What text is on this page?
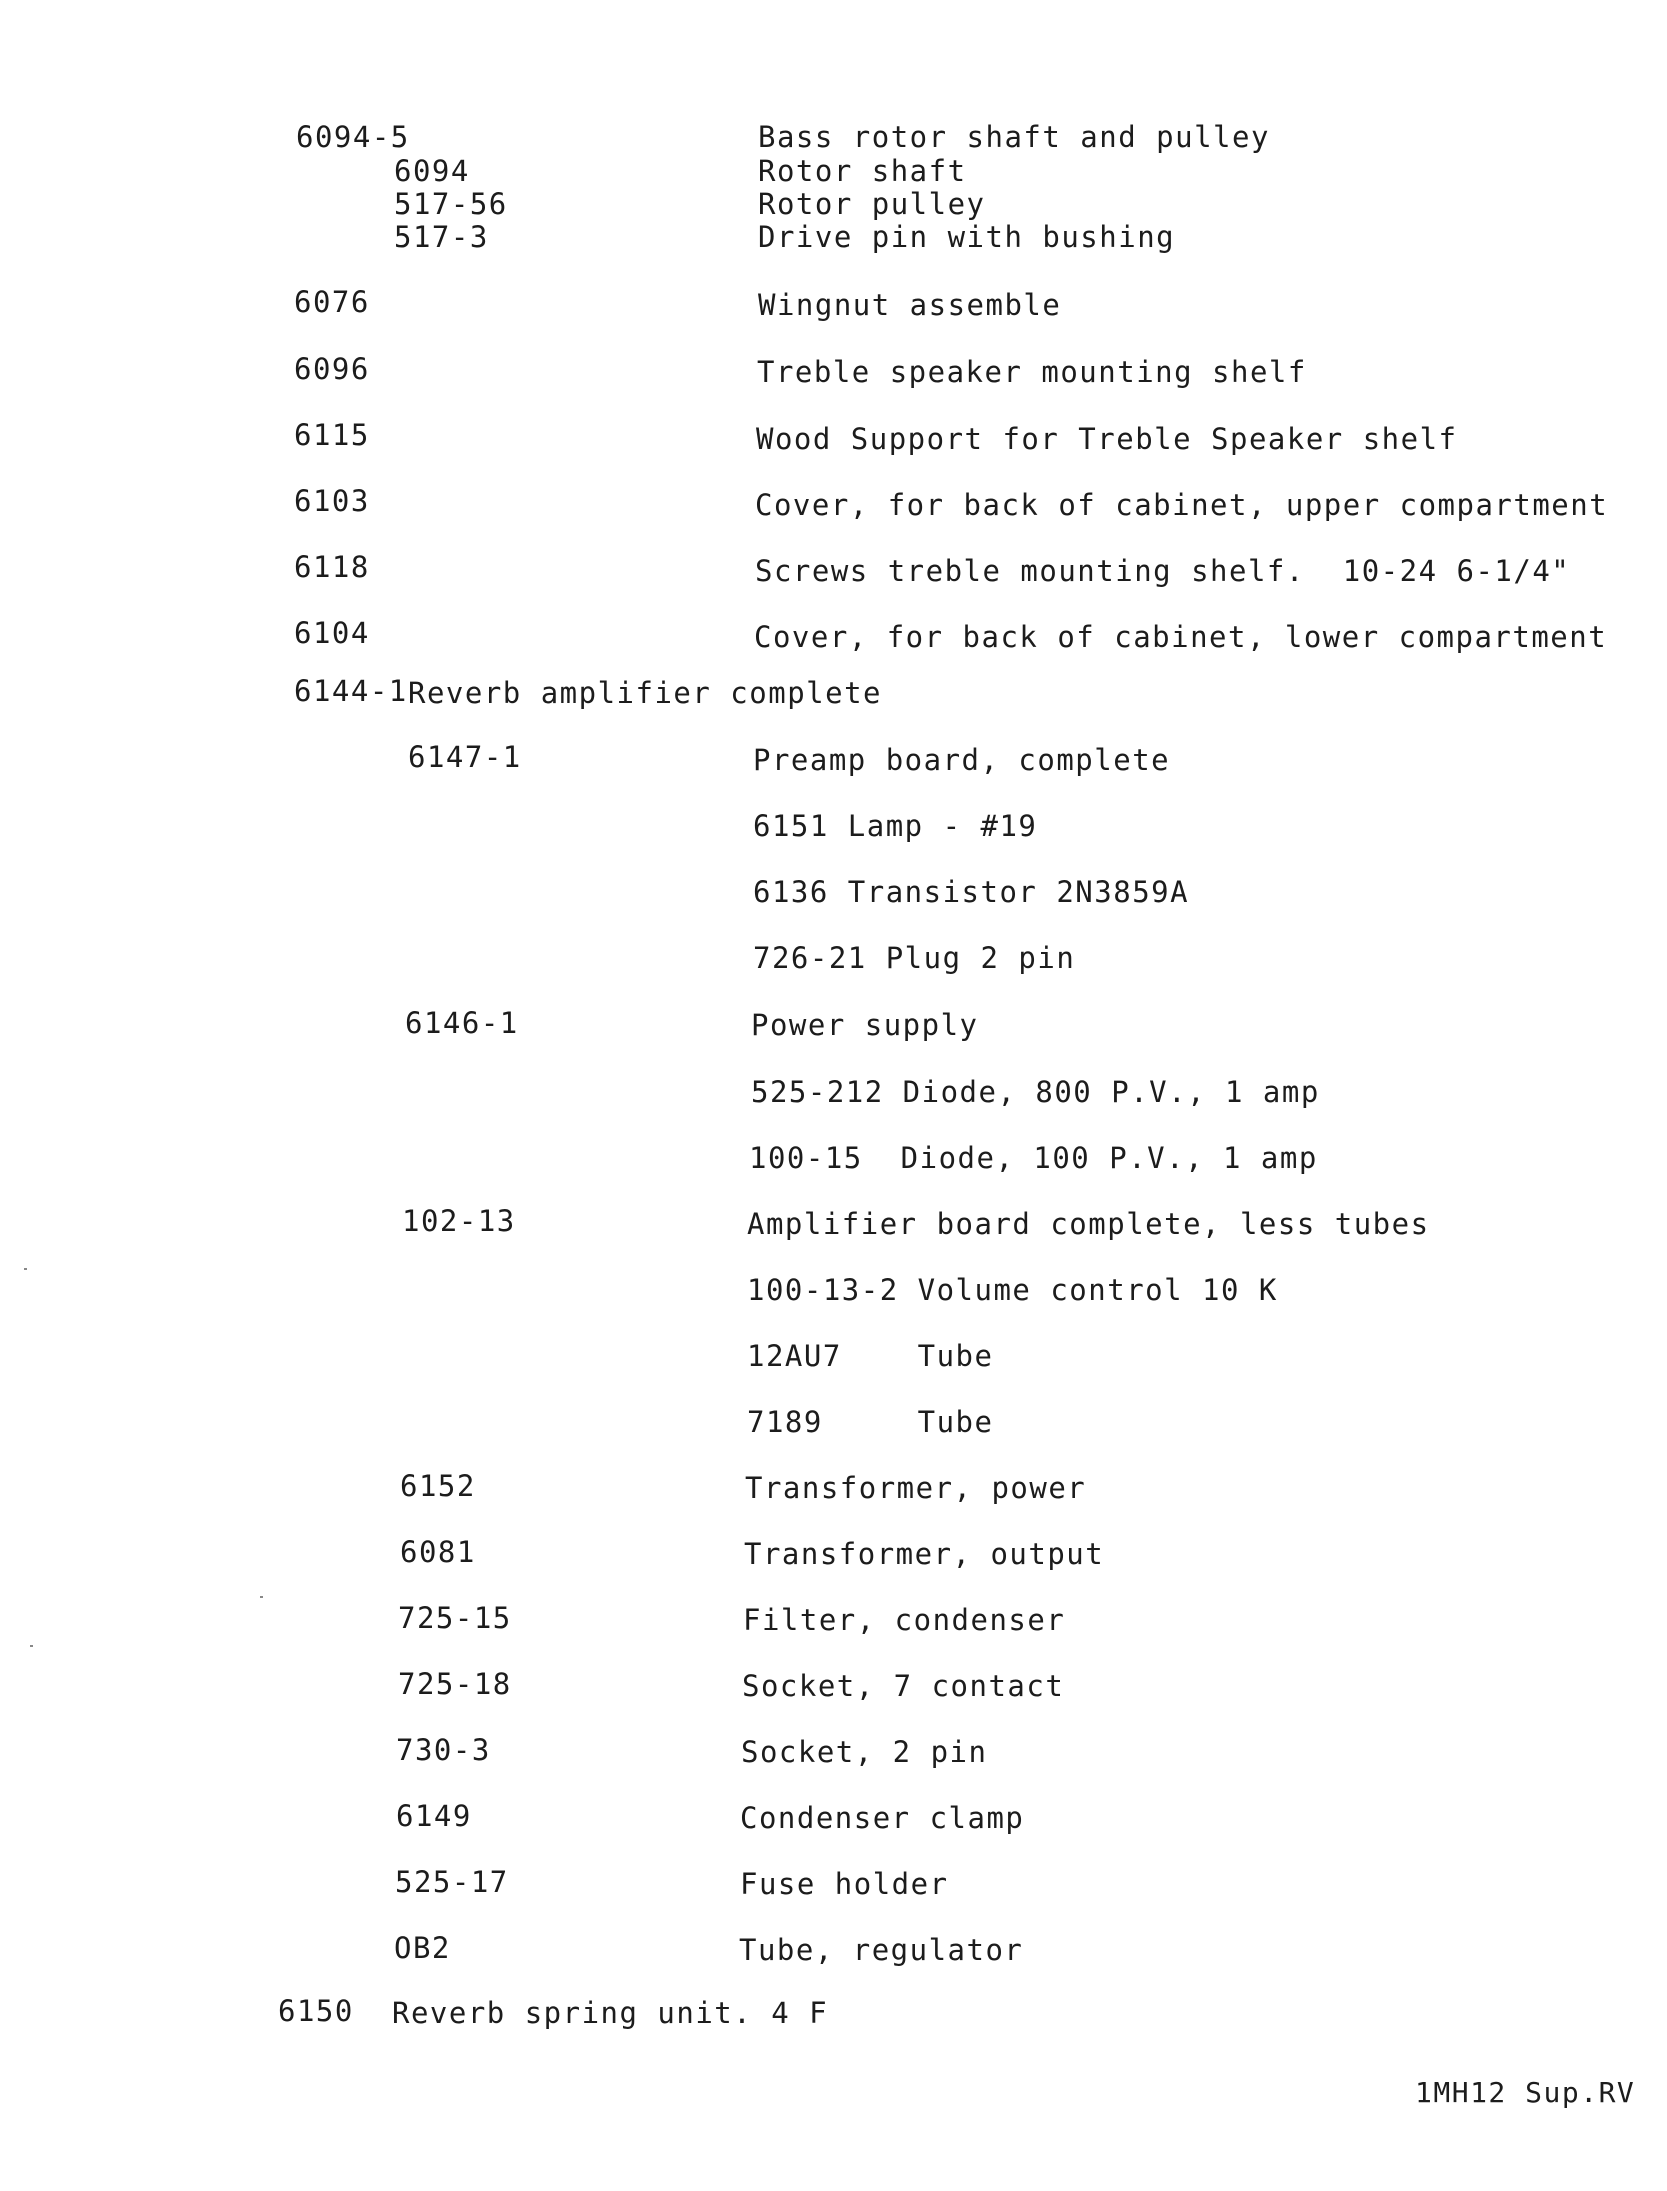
6094-5	Bass rotor shaft and pulley
6094	Rotor shaft
517-56	Rotor pulley
517-3	Drive pin with bushing
6076	Wingnut assemble
6096	Treble speaker mounting shelf
6115	Wood Support for Treble Speaker shelf
6103	Cover, for back of cabinet, upper compartment
6118	Screws treble mounting shelf.  10-24 6-1/4"
6104	Cover, for back of cabinet, lower compartment
6144-1 Reverb amplifier complete
6147-1	Preamp board, complete
6151 Lamp - #19
6136 Transistor 2N3859A
726-21 Plug 2 pin
6146-1	Power supply
525-212 Diode, 800 P.V., 1 amp
100-15  Diode, 100 P.V., 1 amp
102-13	Amplifier board complete, less tubes
100-13-2 Volume control 10 K
12AU7    Tube
7189     Tube
6152	Transformer, power
6081	Transformer, output
725-15	Filter, condenser
725-18	Socket, 7 contact
730-3	Socket, 2 pin
6149	Condenser clamp
525-17	Fuse holder
OB2	Tube, regulator
6150 Reverb spring unit. 4 F
1MH12 Sup.RV
